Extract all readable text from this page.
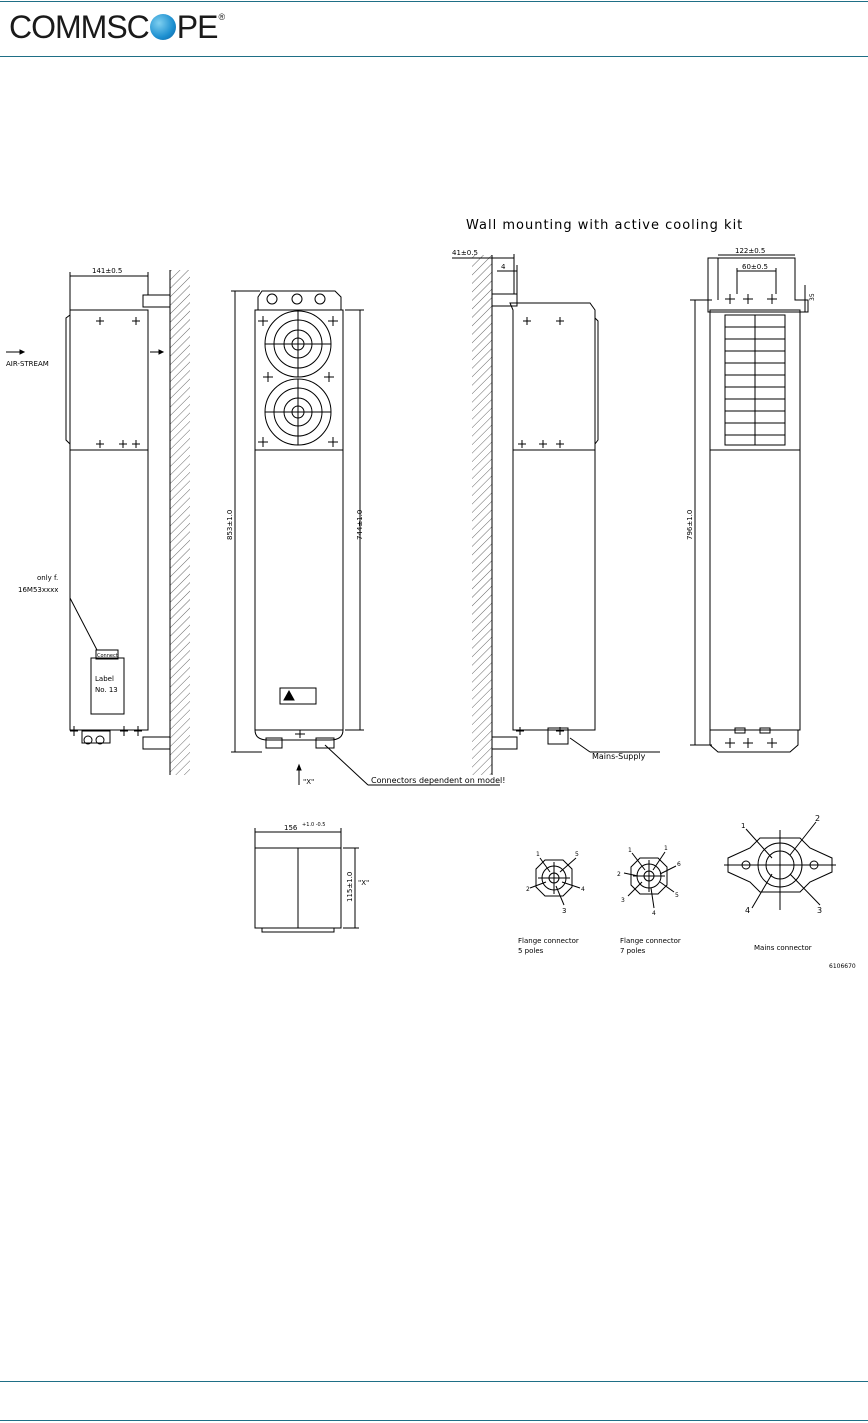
COMMSC PE ®
Wall mounting with active cooling kit
141±0.5
AIR-STREAM
only f.
16M53xxxx
Connect
Label
No. 13
853±1.0	744±1.0
"X"	Connectors dependent on model!
41±0.5
4
Mains-Supply
122±0.5
60±0.5
35
796±1.0
156 +1.0 -0.5
115±1.0 "X"
1	5
2	4
3
1	1
2
6
3
5
4
1
2
4	3
Flange connector
5 poles
Flange connector
7 poles	Mains connector
6106670
